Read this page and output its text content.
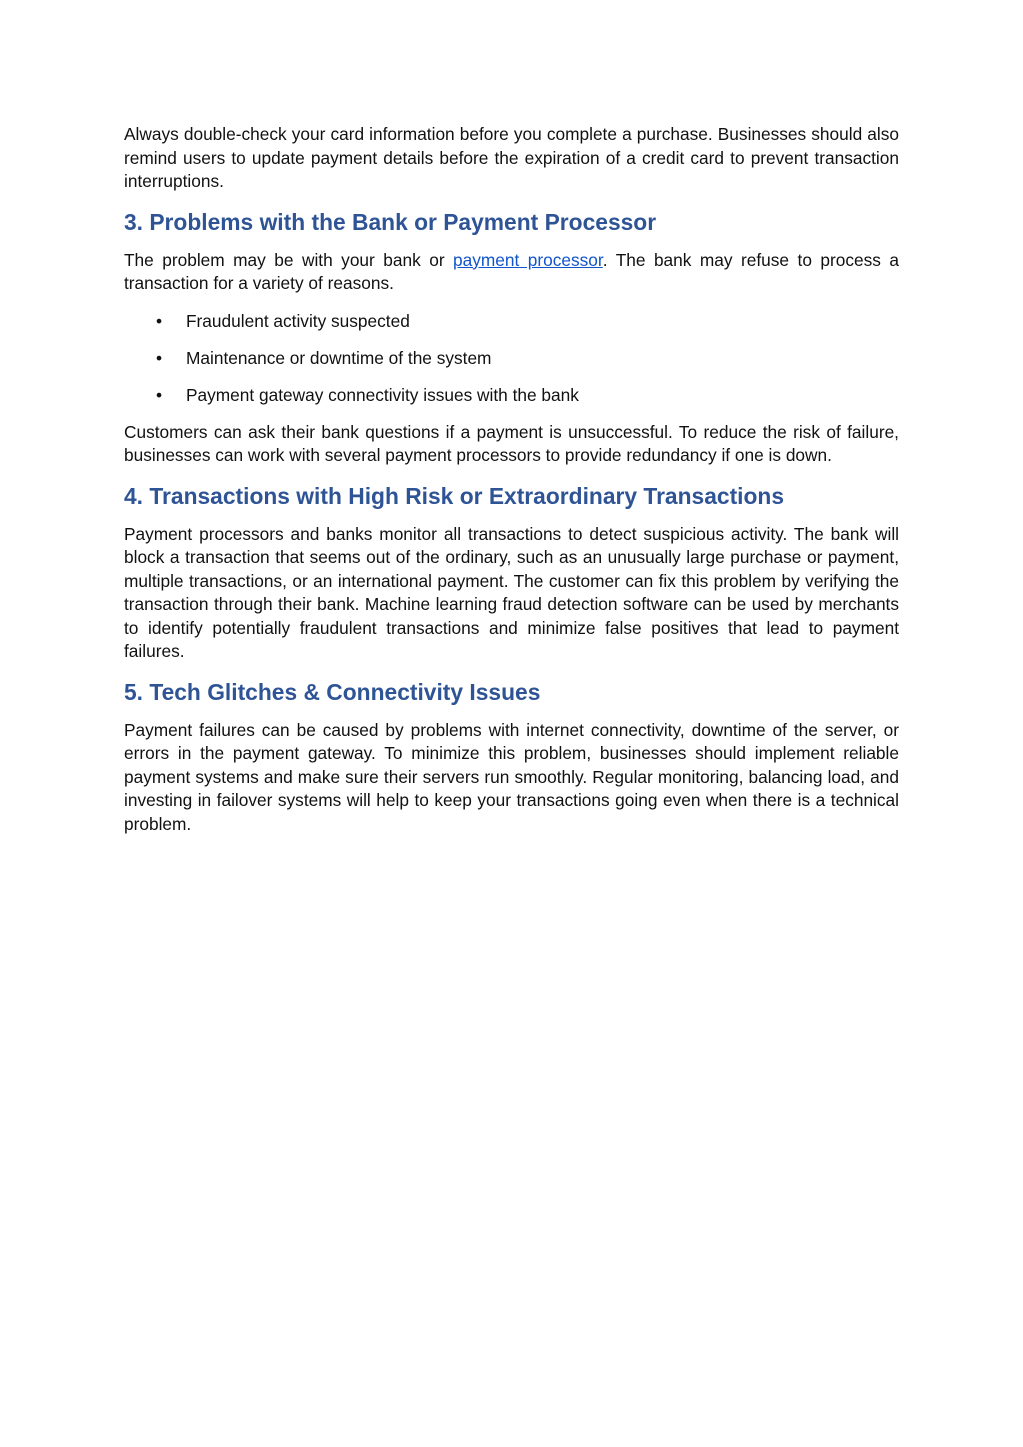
Always double-check your card information before you complete a purchase. Businesses should also remind users to update payment details before the expiration of a credit card to prevent transaction interruptions.

3. Problems with the Bank or Payment Processor

The problem may be with your bank or payment processor. The bank may refuse to process a transaction for a variety of reasons.

• Fraudulent activity suspected
• Maintenance or downtime of the system
• Payment gateway connectivity issues with the bank

Customers can ask their bank questions if a payment is unsuccessful. To reduce the risk of failure, businesses can work with several payment processors to provide redundancy if one is down.

4. Transactions with High Risk or Extraordinary Transactions

Payment processors and banks monitor all transactions to detect suspicious activity. The bank will block a transaction that seems out of the ordinary, such as an unusually large purchase or payment, multiple transactions, or an international payment. The customer can fix this problem by verifying the transaction through their bank. Machine learning fraud detection software can be used by merchants to identify potentially fraudulent transactions and minimize false positives that lead to payment failures.

5. Tech Glitches & Connectivity Issues

Payment failures can be caused by problems with internet connectivity, downtime of the server, or errors in the payment gateway. To minimize this problem, businesses should implement reliable payment systems and make sure their servers run smoothly. Regular monitoring, balancing load, and investing in failover systems will help to keep your transactions going even when there is a technical problem.
